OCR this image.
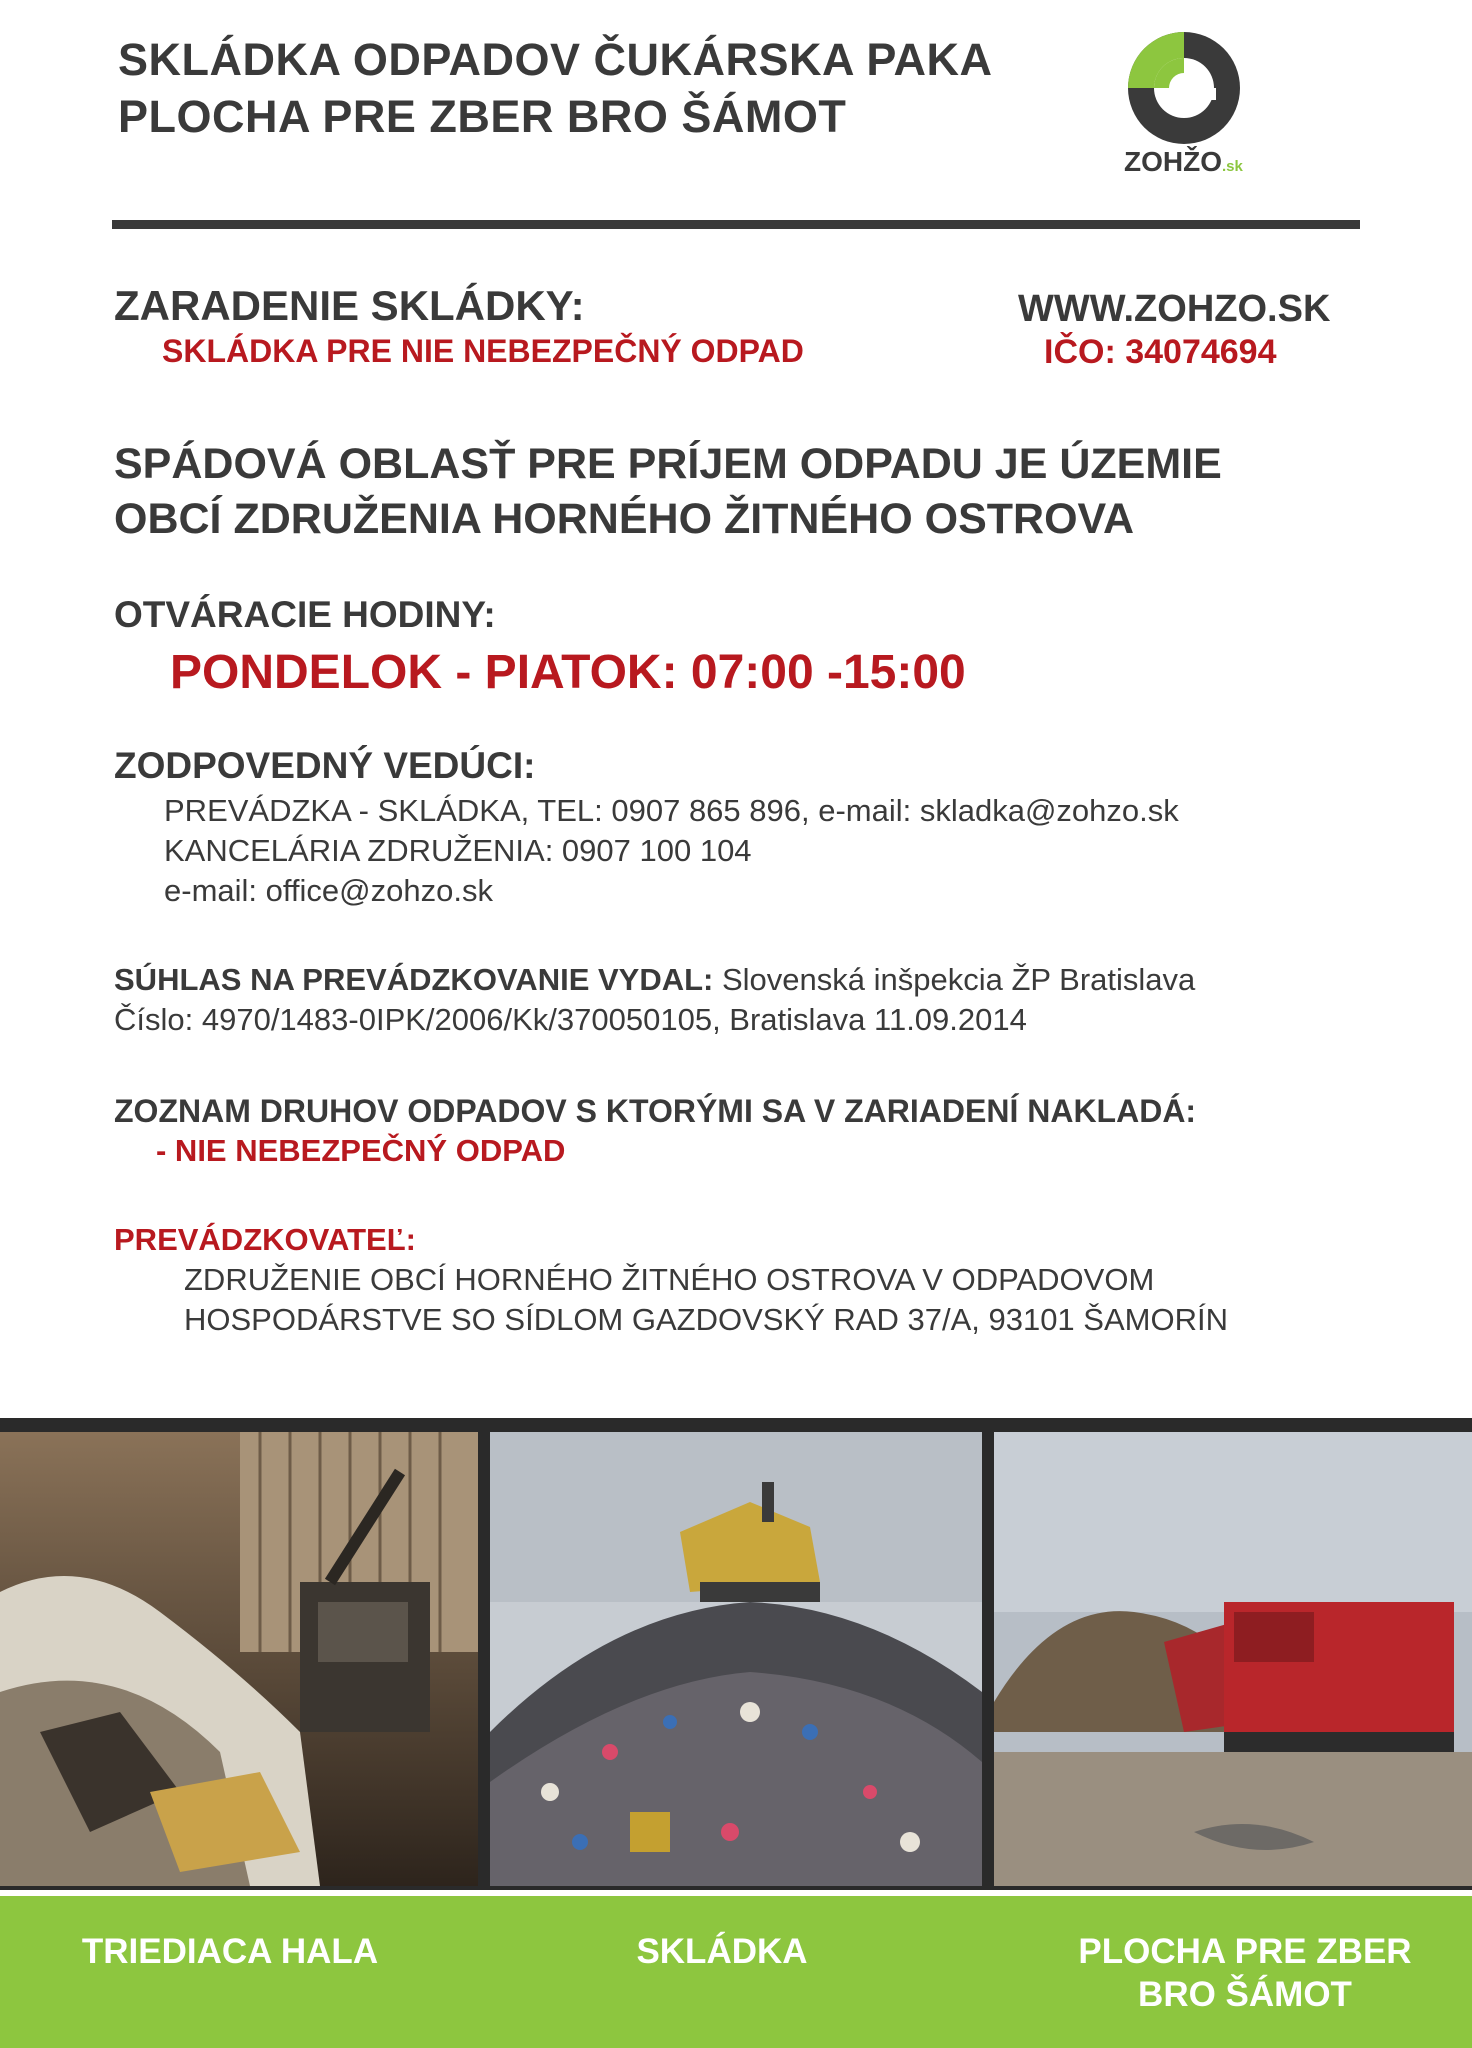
SKLÁDKA ODPADOV ČUKÁRSKA PAKA
PLOCHA PRE ZBER BRO ŠÁMOT
ZOHŽO.sk
ZARADENIE SKLÁDKY:
SKLÁDKA PRE NIE NEBEZPEČNÝ ODPAD
WWW.ZOHZO.SK
IČO: 34074694
SPÁDOVÁ OBLASŤ PRE PRÍJEM ODPADU JE ÚZEMIE
OBCÍ ZDRUŽENIA HORNÉHO ŽITNÉHO OSTROVA
OTVÁRACIE HODINY:
PONDELOK - PIATOK: 07:00 -15:00
ZODPOVEDNÝ VEDÚCI:
PREVÁDZKA - SKLÁDKA, TEL: 0907 865 896, e-mail: skladka@zohzo.sk
KANCELÁRIA ZDRUŽENIA: 0907 100 104
e-mail: office@zohzo.sk
SÚHLAS NA PREVÁDZKOVANIE VYDAL: Slovenská inšpekcia ŽP Bratislava
Číslo: 4970/1483-0IPK/2006/Kk/370050105, Bratislava 11.09.2014
ZOZNAM DRUHOV ODPADOV S KTORÝMI SA V ZARIADENÍ NAKLADÁ:
- NIE NEBEZPEČNÝ ODPAD
PREVÁDZKOVATEĽ:
ZDRUŽENIE OBCÍ HORNÉHO ŽITNÉHO OSTROVA V ODPADOVOM
HOSPODÁRSTVE SO SÍDLOM GAZDOVSKÝ RAD 37/A, 93101 ŠAMORÍN
TRIEDIACA HALA	SKLÁDKA	PLOCHA PRE ZBER
BRO ŠÁMOT
